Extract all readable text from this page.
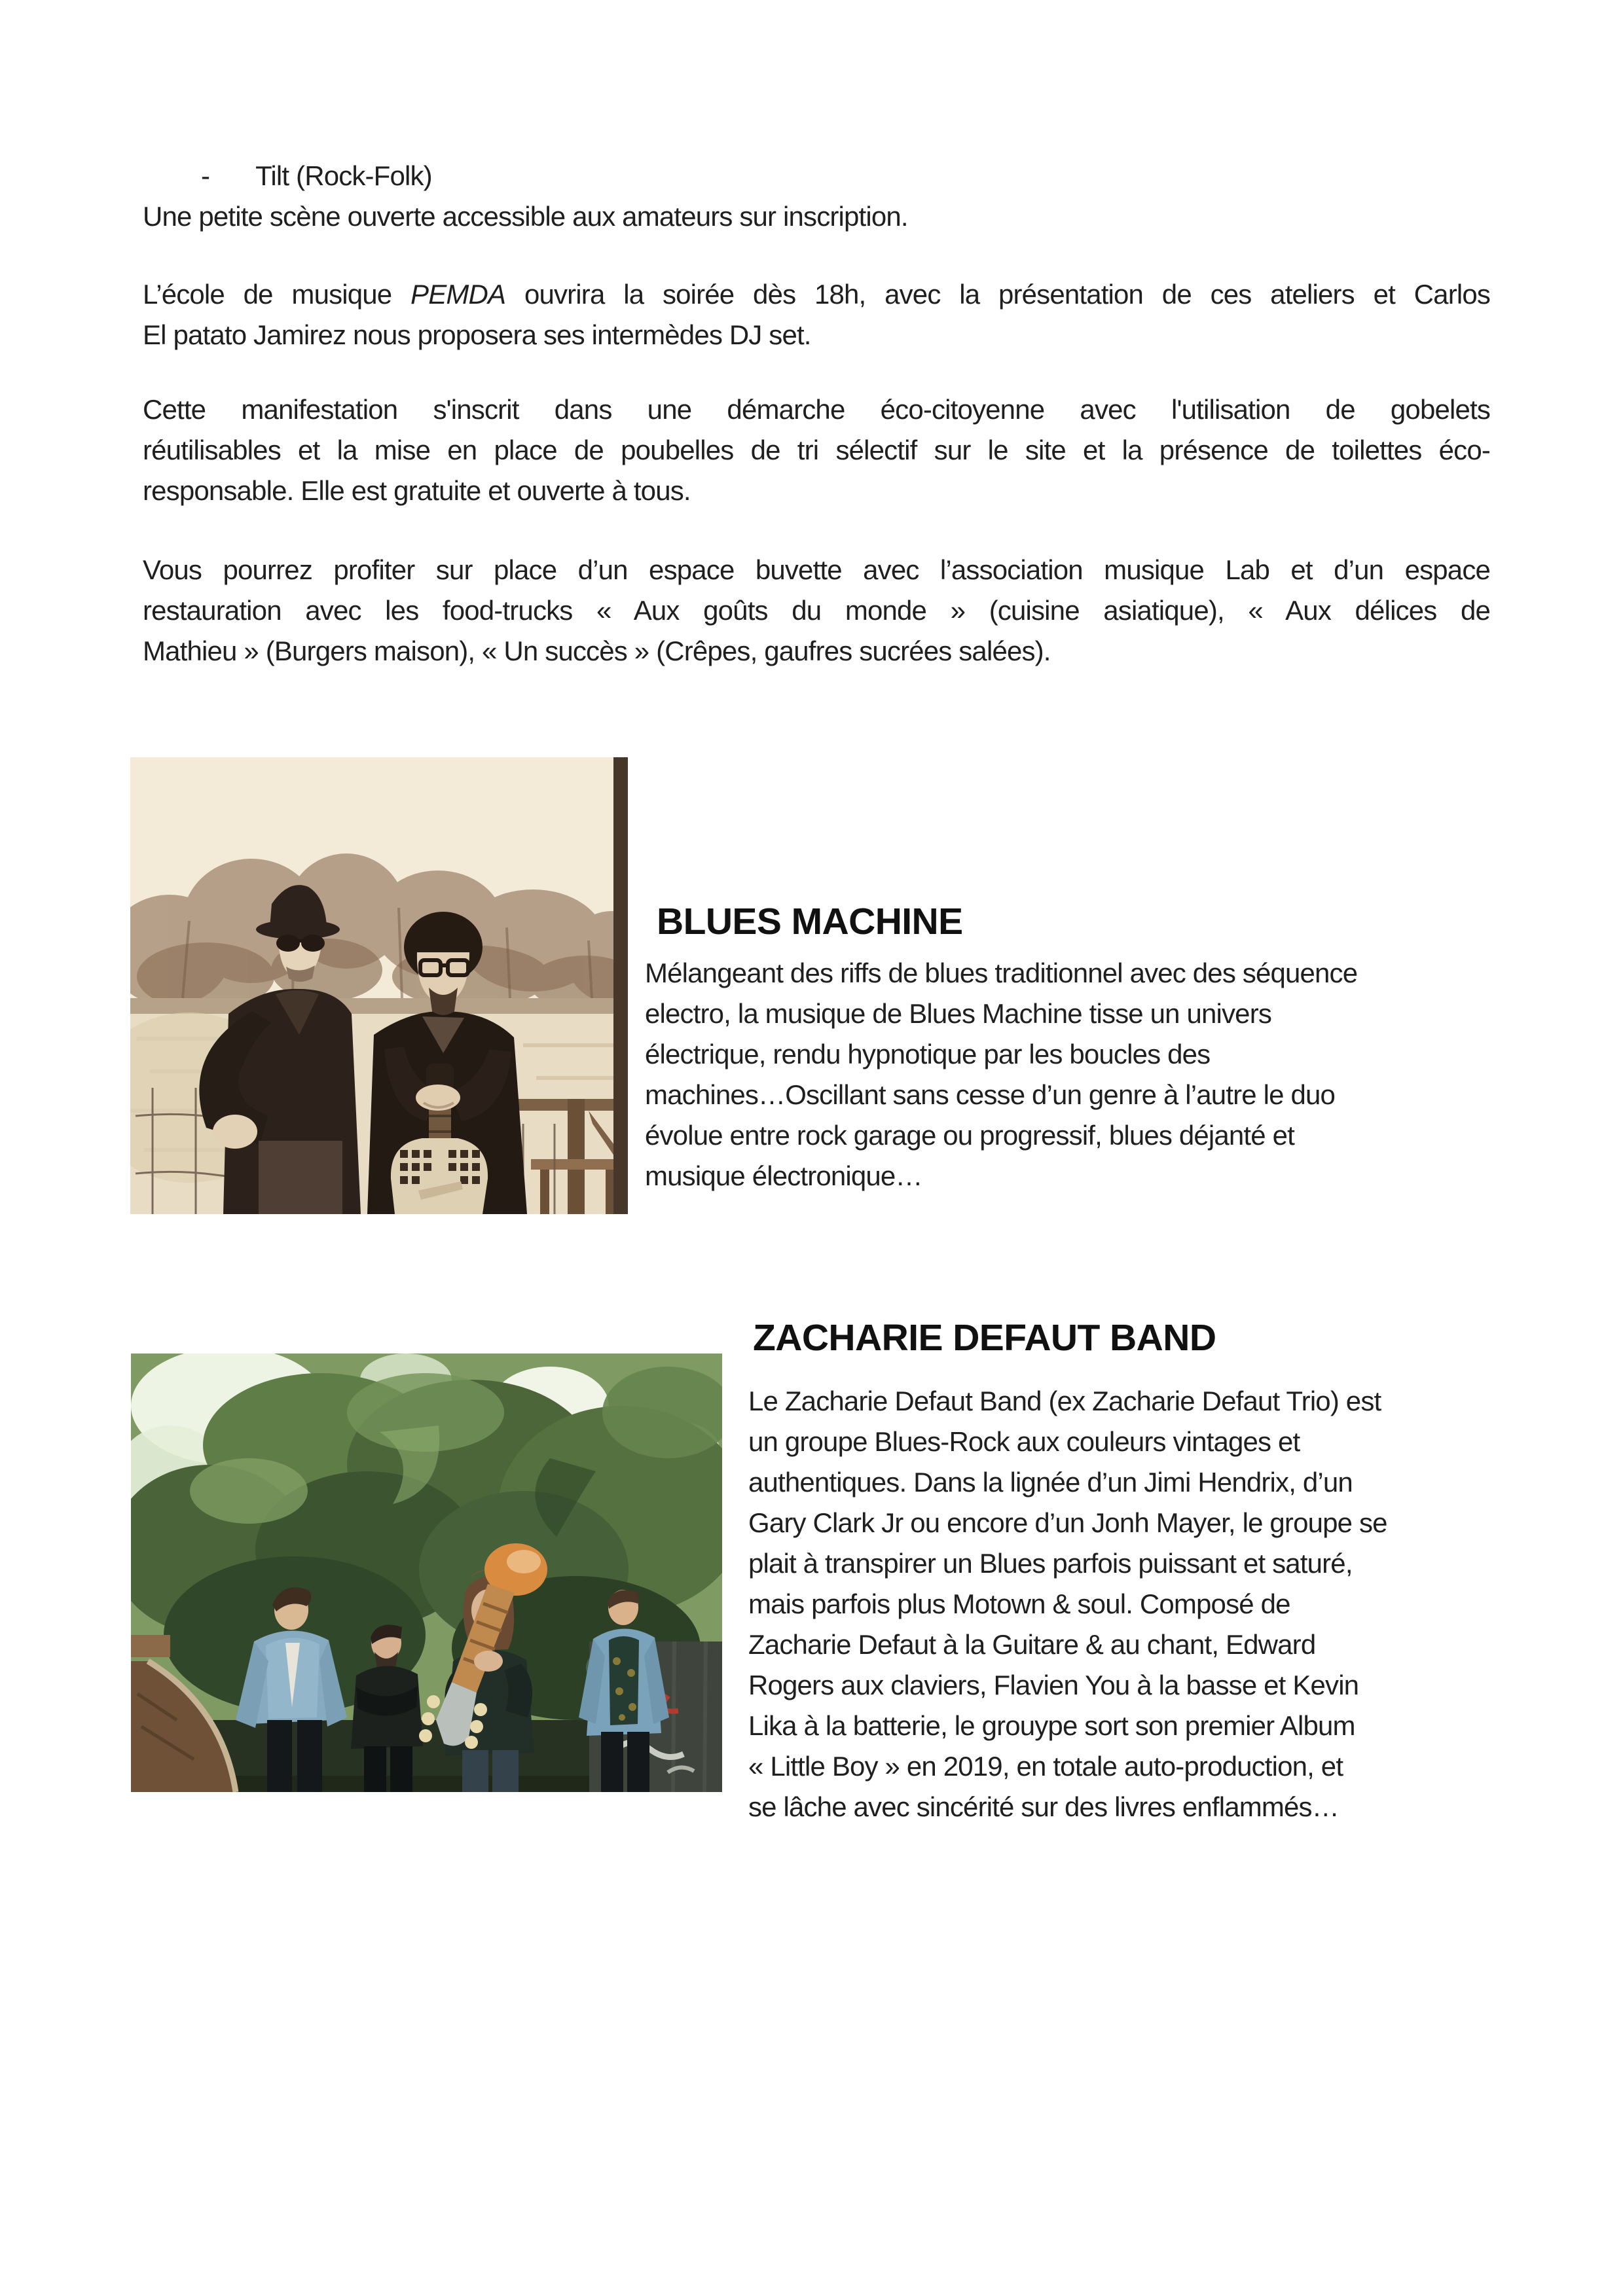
- Tilt (Rock-Folk)
Une petite scène ouverte accessible aux amateurs sur inscription.
L’école de musique PEMDA ouvrira la soirée dès 18h, avec la présentation de ces ateliers et Carlos
El patato Jamirez nous proposera ses intermèdes DJ set.
Cette manifestation s'inscrit dans une démarche éco-citoyenne avec l'utilisation de gobelets
réutilisables et la mise en place de poubelles de tri sélectif sur le site et la présence de toilettes éco-
responsable. Elle est gratuite et ouverte à tous.
Vous pourrez profiter sur place d’un espace buvette avec l’association musique Lab et d’un espace
restauration avec les food-trucks « Aux goûts du monde » (cuisine asiatique), « Aux délices de
Mathieu » (Burgers maison), « Un succès » (Crêpes, gaufres sucrées salées).
BLUES MACHINE
Mélangeant des riffs de blues traditionnel avec des séquence
electro, la musique de Blues Machine tisse un univers
électrique, rendu hypnotique par les boucles des
machines…Oscillant sans cesse d’un genre à l’autre le duo
évolue entre rock garage ou progressif, blues déjanté et
musique électronique…
ZACHARIE DEFAUT BAND
Le Zacharie Defaut Band (ex Zacharie Defaut Trio) est
un groupe Blues-Rock aux couleurs vintages et
authentiques. Dans la lignée d’un Jimi Hendrix, d’un
Gary Clark Jr ou encore d’un Jonh Mayer, le groupe se
plait à transpirer un Blues parfois puissant et saturé,
mais parfois plus Motown & soul. Composé de
Zacharie Defaut à la Guitare & au chant, Edward
Rogers aux claviers, Flavien You à la basse et Kevin
Lika à la batterie, le grouype sort son premier Album
« Little Boy » en 2019, en totale auto-production, et
se lâche avec sincérité sur des livres enflammés…
